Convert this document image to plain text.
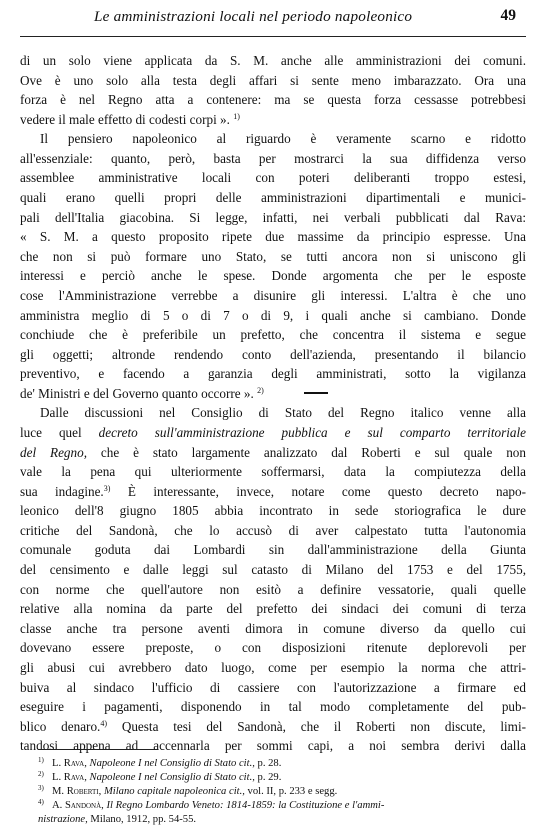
Le amministrazioni locali nel periodo napoleonico	49
di un solo viene applicata da S. M. anche alle amministrazioni dei comuni.
Ove è uno solo alla testa degli affari si sente meno imbarazzato. Ora una
forza è nel Regno atta a contenere: ma se questa forza cessasse potrebbesi
vedere il male effetto di codesti corpi ». $^{1)}$
Il pensiero napoleonico al riguardo è veramente scarno e ridotto
all'essenziale: quanto, però, basta per mostrarci la sua diffidenza verso
assemblee amministrative locali con poteri deliberanti troppo estesi,
quali erano quelli propri delle amministrazioni dipartimentali e munici-
pali dell'Italia giacobina. Si legge, infatti, nei verbali pubblicati dal Rava:
« S. M. a questo proposito ripete due massime da principio espresse. Una
che non si può formare uno Stato, se tutti ancora non si uniscono gli
interessi e perciò anche le spese. Donde argomenta che per le esposte
cose l'Amministrazione verrebbe a disunire gli interessi. L'altra è che uno
amministra meglio di 5 o di 7 o di 9, i quali anche si cambiano. Donde
conchiude che è preferibile un prefetto, che concentra il sistema e segue
gli oggetti; altronde rendendo conto dell'azienda, presentando il bilancio
preventivo, e facendo a garanzia degli amministrati, sotto la vigilanza
de' Ministri e del Governo quanto occorre ». $^{2)}$
Dalle discussioni nel Consiglio di Stato del Regno italico venne alla
luce quel decreto sull'amministrazione pubblica e sul comparto territoriale
del Regno, che è stato largamente analizzato dal Roberti e sul quale non
vale la pena qui ulteriormente soffermarsi, data la compiutezza della
sua indagine.$^{3)}$ È interessante, invece, notare come questo decreto napo-
leonico dell'8 giugno 1805 abbia incontrato in sede storiografica le dure
critiche del Sandonà, che lo accusò di aver calpestato tutta l'autonomia
comunale goduta dai Lombardi sin dall'amministrazione della Giunta
del censimento e dalle leggi sul catasto di Milano del 1753 e del 1755,
con norme che quell'autore non esitò a definire vessatorie, quali quelle
relative alla nomina da parte del prefetto dei sindaci dei comuni di terza
classe anche tra persone aventi dimora in comune diverso da quello cui
dovevano essere preposte, o con disposizioni ritenute deplorevoli per
gli abusi cui avrebbero dato luogo, come per esempio la norma che attri-
buiva al sindaco l'ufficio di cassiere con l'autorizzazione a firmare ed
eseguire i pagamenti, disponendo in tal modo completamente del pub-
blico denaro.$^{4)}$ Questa tesi del Sandonà, che il Roberti non discute, limi-
tandosi appena ad accennarla per sommi capi, a noi sembra derivi dalla
1) L. Rava, Napoleone I nel Consiglio di Stato cit., p. 28.
2) L. Rava, Napoleone I nel Consiglio di Stato cit., p. 29.
3) M. Roberti, Milano capitale napoleonica cit., vol. II, p. 233 e segg.
4) A. Sandonà, Il Regno Lombardo Veneto: 1814-1859: la Costituzione e l'ammi-
nistrazione, Milano, 1912, pp. 54-55.
